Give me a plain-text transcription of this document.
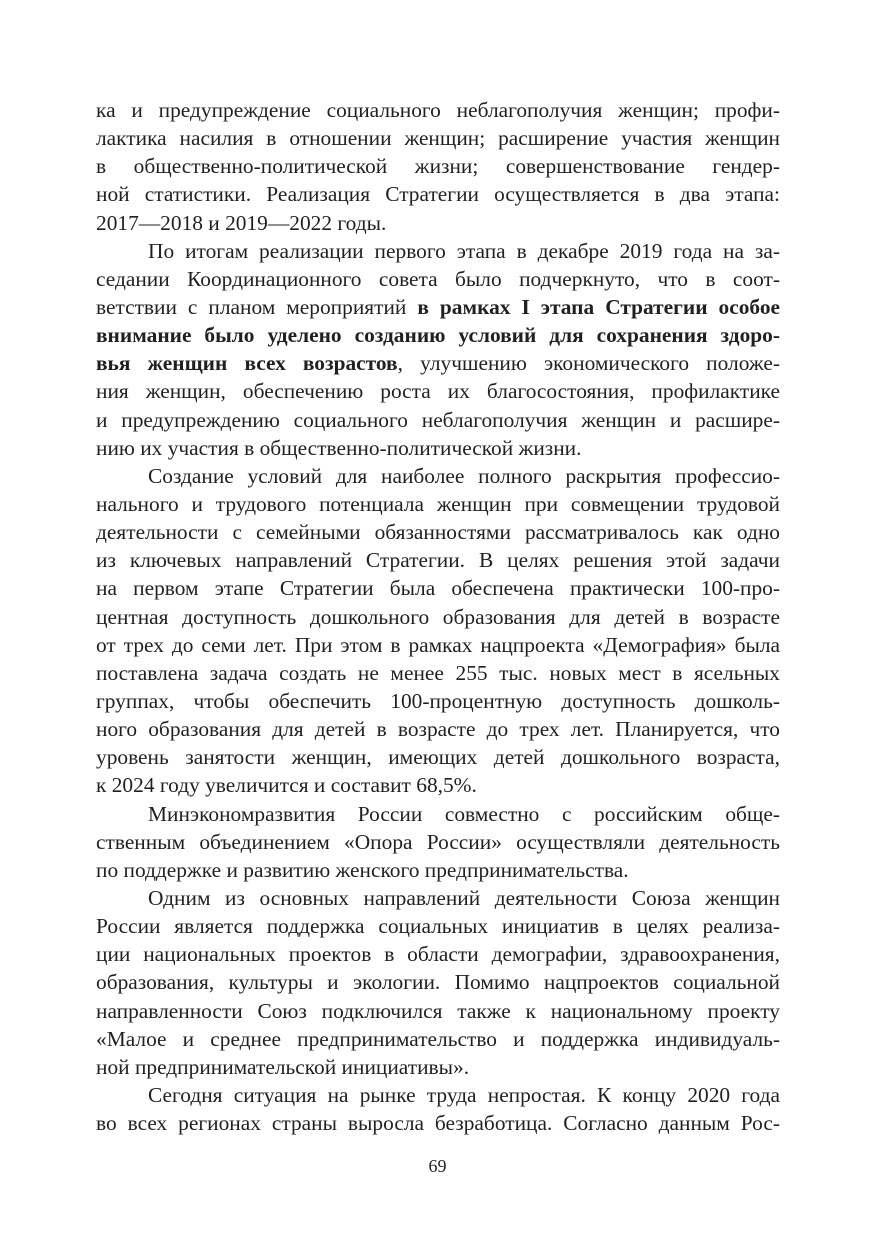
ка и предупреждение социального неблагополучия женщин; профи-
лактика насилия в отношении женщин; расширение участия женщин
в общественно-политической жизни; совершенствование гендер-
ной статистики. Реализация Стратегии осуществляется в два этапа:
2017—2018 и 2019—2022 годы.
По итогам реализации первого этапа в декабре 2019 года на за-
седании Координационного совета было подчеркнуто, что в соот-
ветствии с планом мероприятий в рамках I этапа Стратегии особое
внимание было уделено созданию условий для сохранения здоро-
вья женщин всех возрастов, улучшению экономического положе-
ния женщин, обеспечению роста их благосостояния, профилактике
и предупреждению социального неблагополучия женщин и расшире-
нию их участия в общественно-политической жизни.
Создание условий для наиболее полного раскрытия профессио-
нального и трудового потенциала женщин при совмещении трудовой
деятельности с семейными обязанностями рассматривалось как одно
из ключевых направлений Стратегии. В целях решения этой задачи
на первом этапе Стратегии была обеспечена практически 100-про-
центная доступность дошкольного образования для детей в возрасте
от трех до семи лет. При этом в рамках нацпроекта «Демография» была
поставлена задача создать не менее 255 тыс. новых мест в ясельных
группах, чтобы обеспечить 100-процентную доступность дошколь-
ного образования для детей в возрасте до трех лет. Планируется, что
уровень занятости женщин, имеющих детей дошкольного возраста,
к 2024 году увеличится и составит 68,5%.
Минэкономразвития России совместно с российским обще-
ственным объединением «Опора России» осуществляли деятельность
по поддержке и развитию женского предпринимательства.
Одним из основных направлений деятельности Союза женщин
России является поддержка социальных инициатив в целях реализа-
ции национальных проектов в области демографии, здравоохранения,
образования, культуры и экологии. Помимо нацпроектов социальной
направленности Союз подключился также к национальному проекту
«Малое и среднее предпринимательство и поддержка индивидуаль-
ной предпринимательской инициативы».
Сегодня ситуация на рынке труда непростая. К концу 2020 года
во всех регионах страны выросла безработица. Согласно данным Рос-
69
